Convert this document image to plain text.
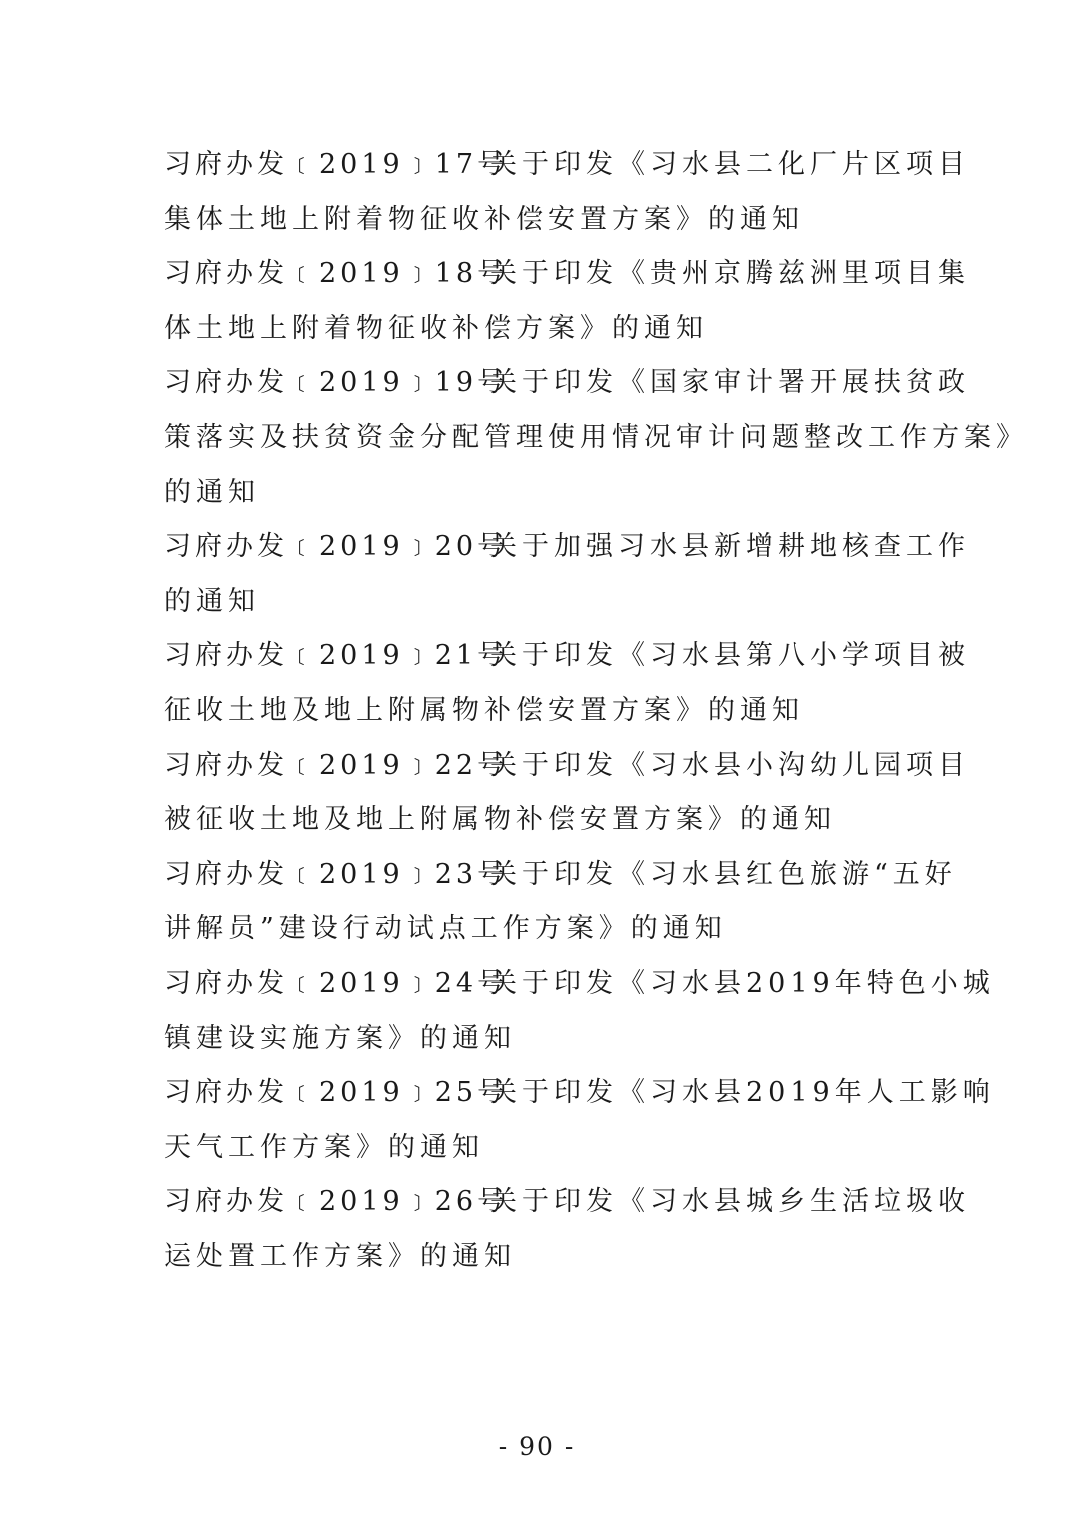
习府办发﹝2019﹞17号关于印发《习水县二化厂片区项目
集体土地上附着物征收补偿安置方案》的通知
习府办发﹝2019﹞18号关于印发《贵州京腾兹洲里项目集
体土地上附着物征收补偿方案》的通知
习府办发﹝2019﹞19号关于印发《国家审计署开展扶贫政
策落实及扶贫资金分配管理使用情况审计问题整改工作方案》
的通知
习府办发﹝2019﹞20号关于加强习水县新增耕地核查工作
的通知
习府办发﹝2019﹞21号关于印发《习水县第八小学项目被
征收土地及地上附属物补偿安置方案》的通知
习府办发﹝2019﹞22号关于印发《习水县小沟幼儿园项目
被征收土地及地上附属物补偿安置方案》的通知
习府办发﹝2019﹞23号关于印发《习水县红色旅游“五好
讲解员”建设行动试点工作方案》的通知
习府办发﹝2019﹞24号关于印发《习水县2019年特色小城
镇建设实施方案》的通知
习府办发﹝2019﹞25号关于印发《习水县2019年人工影响
天气工作方案》的通知
习府办发﹝2019﹞26号关于印发《习水县城乡生活垃圾收
运处置工作方案》的通知
- 90 -
